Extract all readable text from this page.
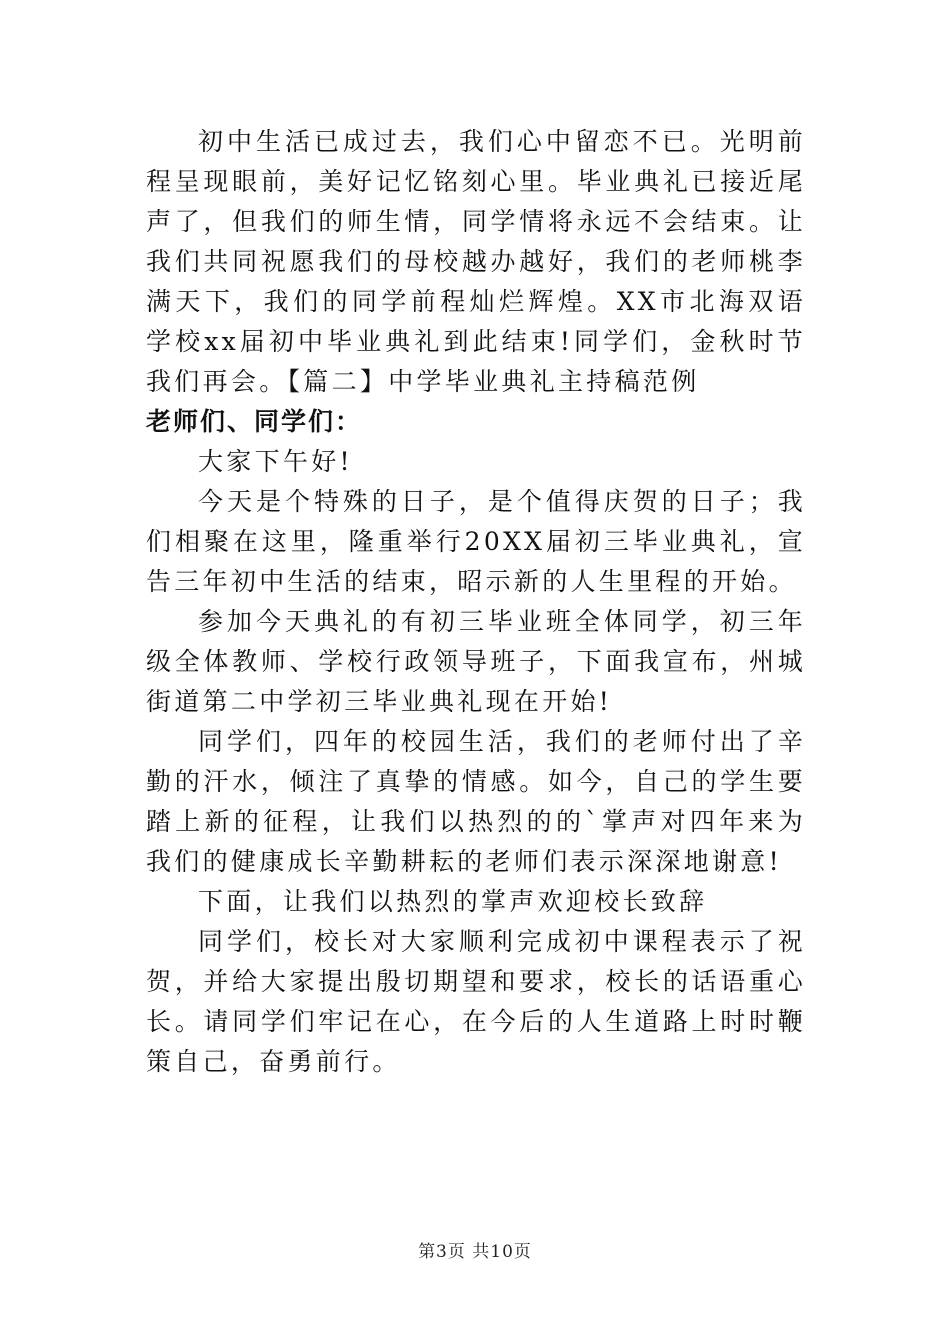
初中生活已成过去，我们心中留恋不已。光明前程呈现眼前，美好记忆铭刻心里。毕业典礼已接近尾声了，但我们的师生情，同学情将永远不会结束。让我们共同祝愿我们的母校越办越好，我们的老师桃李满天下，我们的同学前程灿烂辉煌。XX市北海双语学校xx届初中毕业典礼到此结束!同学们，金秋时节我们再会。【篇二】中学毕业典礼主持稿范例

老师们、同学们：

大家下午好!

今天是个特殊的日子，是个值得庆贺的日子；我们相聚在这里，隆重举行20XX届初三毕业典礼，宣告三年初中生活的结束，昭示新的人生里程的开始。

参加今天典礼的有初三毕业班全体同学，初三年级全体教师、学校行政领导班子，下面我宣布，州城街道第二中学初三毕业典礼现在开始!

同学们，四年的校园生活，我们的老师付出了辛勤的汗水，倾注了真挚的情感。如今，自己的学生要踏上新的征程，让我们以热烈的的`掌声对四年来为我们的健康成长辛勤耕耘的老师们表示深深地谢意!

下面，让我们以热烈的掌声欢迎校长致辞

同学们，校长对大家顺利完成初中课程表示了祝贺，并给大家提出殷切期望和要求，校长的话语重心长。请同学们牢记在心，在今后的人生道路上时时鞭策自己，奋勇前行。

第3页 共10页
